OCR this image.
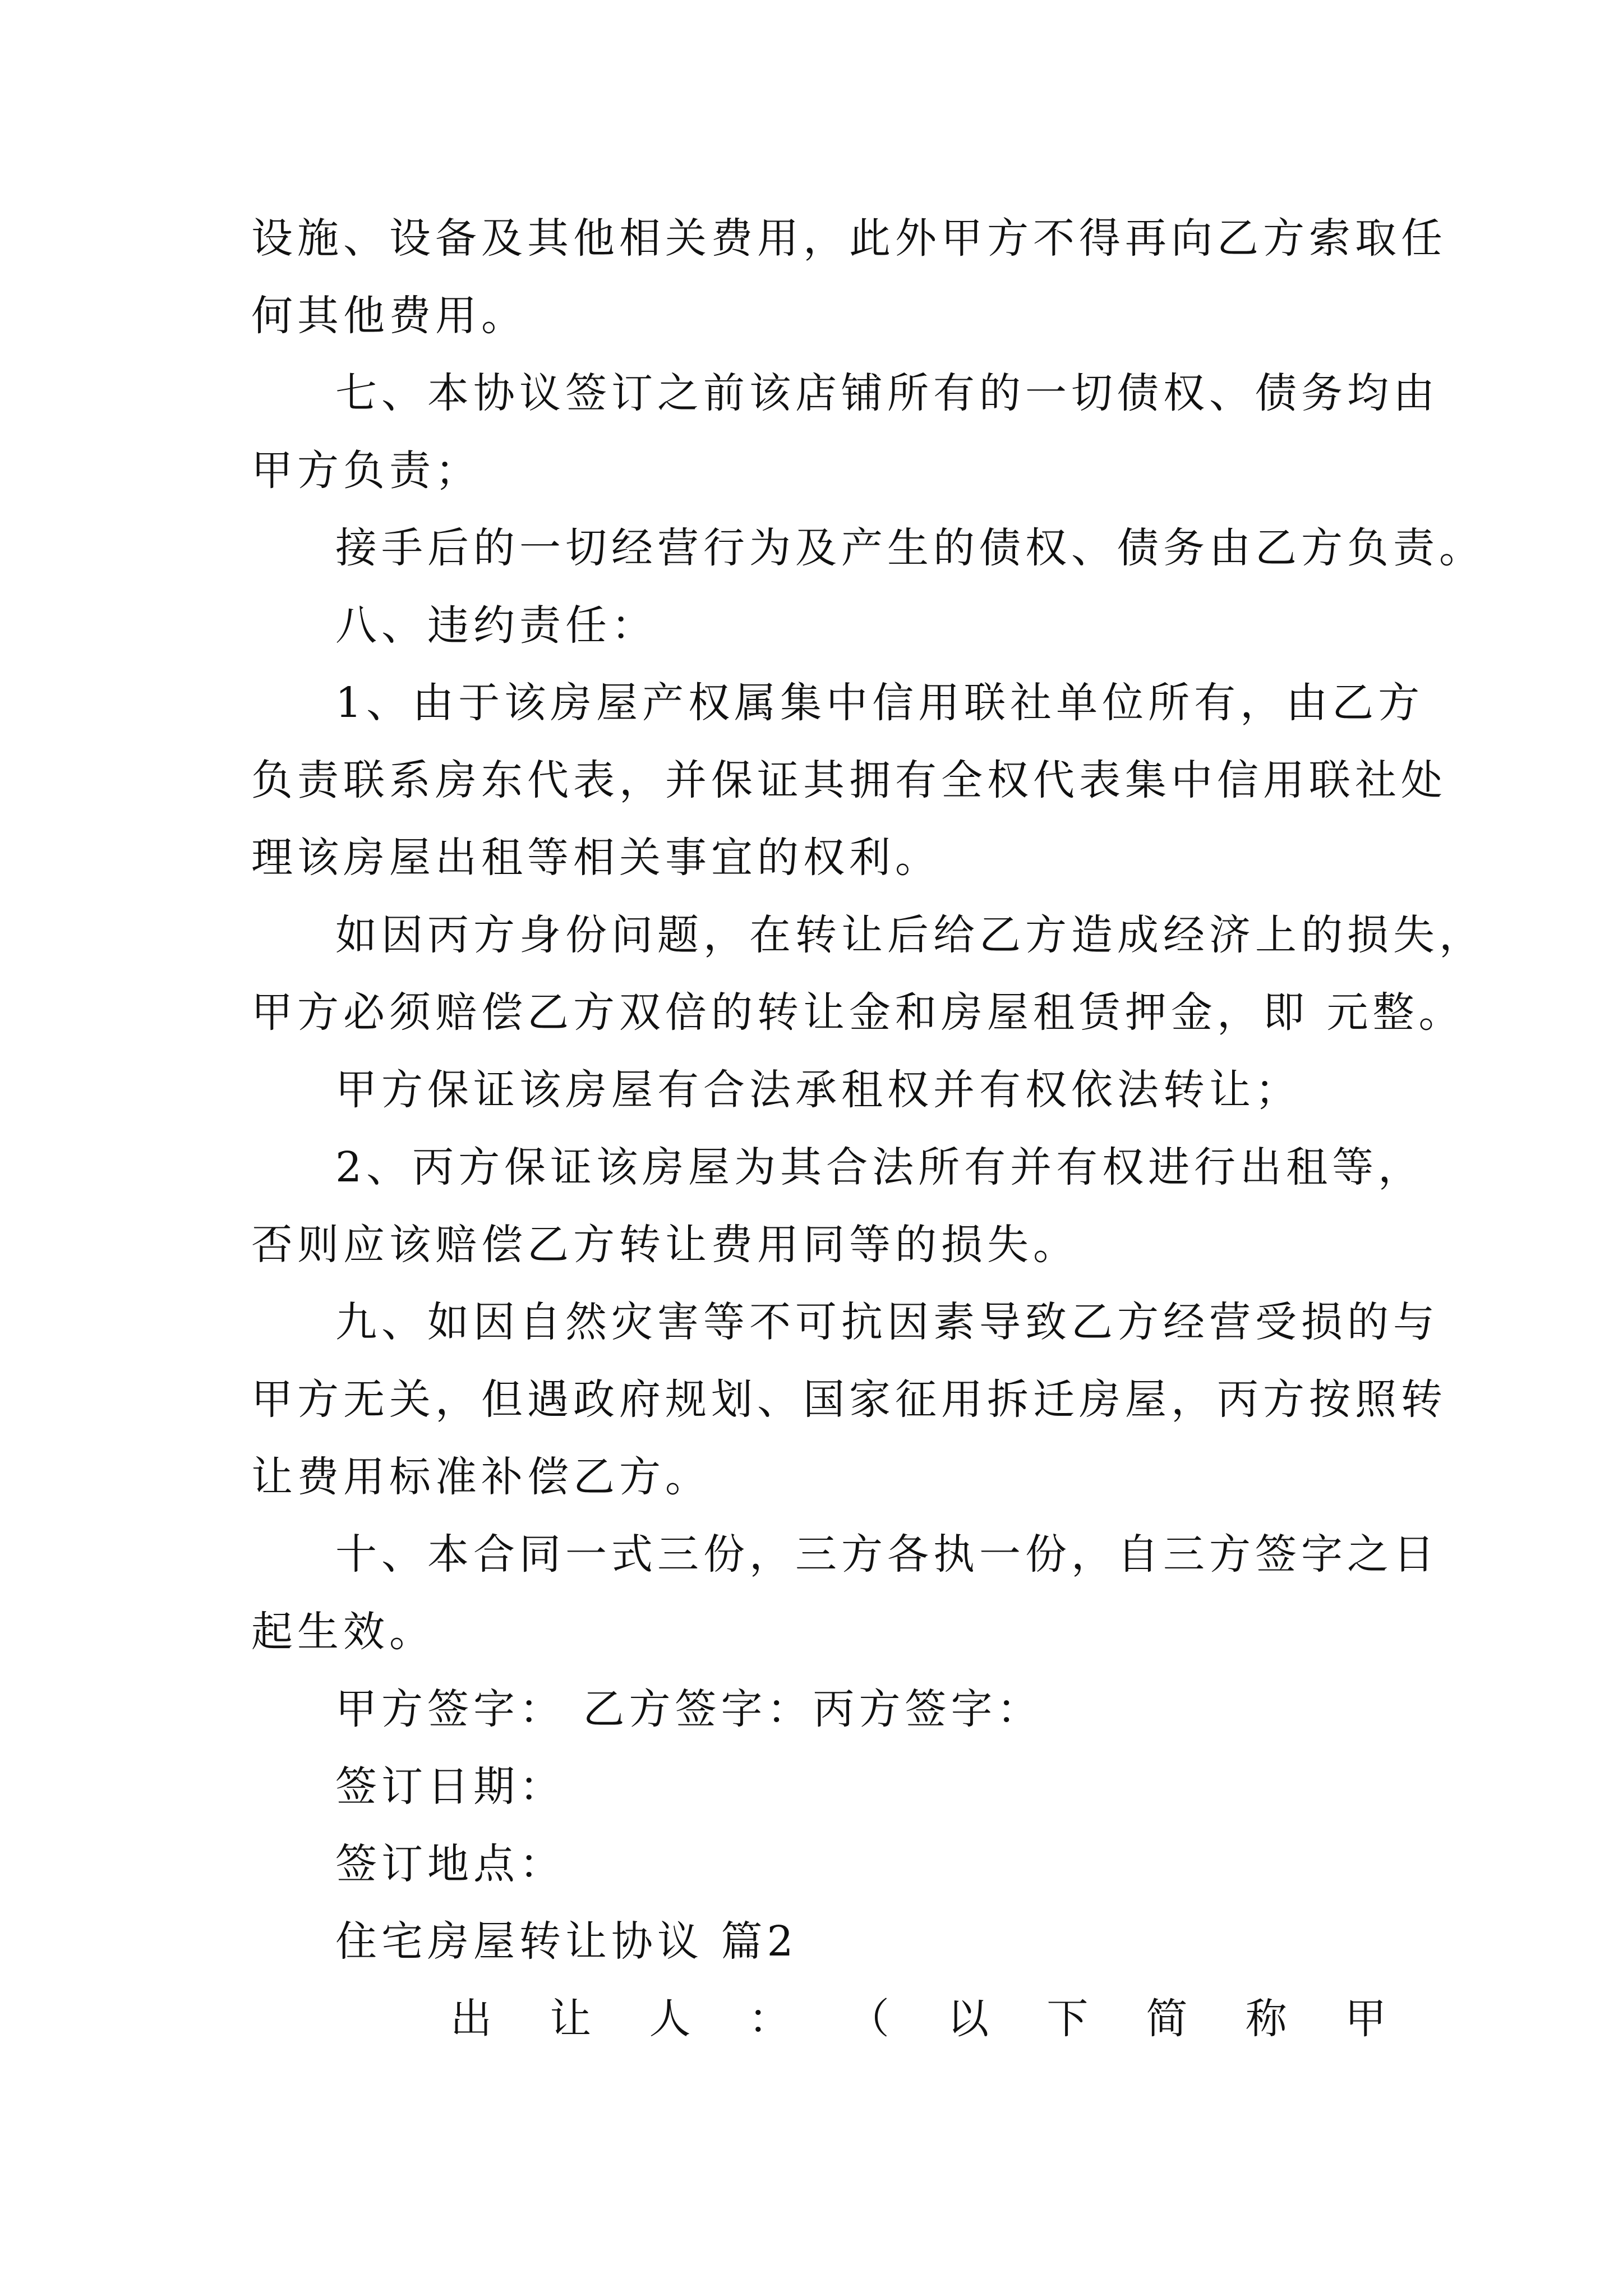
设施、设备及其他相关费用，此外甲方不得再向乙方索取任
何其他费用。
七、本协议签订之前该店铺所有的一切债权、债务均由
甲方负责；
接手后的一切经营行为及产生的债权、债务由乙方负责。
八、违约责任：
1、由于该房屋产权属集中信用联社单位所有，由乙方
负责联系房东代表，并保证其拥有全权代表集中信用联社处
理该房屋出租等相关事宜的权利。
如因丙方身份问题，在转让后给乙方造成经济上的损失，
甲方必须赔偿乙方双倍的转让金和房屋租赁押金，即 元整。
甲方保证该房屋有合法承租权并有权依法转让；
2、丙方保证该房屋为其合法所有并有权进行出租等，
否则应该赔偿乙方转让费用同等的损失。
九、如因自然灾害等不可抗因素导致乙方经营受损的与
甲方无关，但遇政府规划、国家征用拆迁房屋，丙方按照转
让费用标准补偿乙方。
十、本合同一式三份，三方各执一份，自三方签字之日
起生效。
甲方签字： 乙方签字：丙方签字：
签订日期：
签订地点：
住宅房屋转让协议 篇2
出 让 人 ： （ 以 下 简 称 甲
